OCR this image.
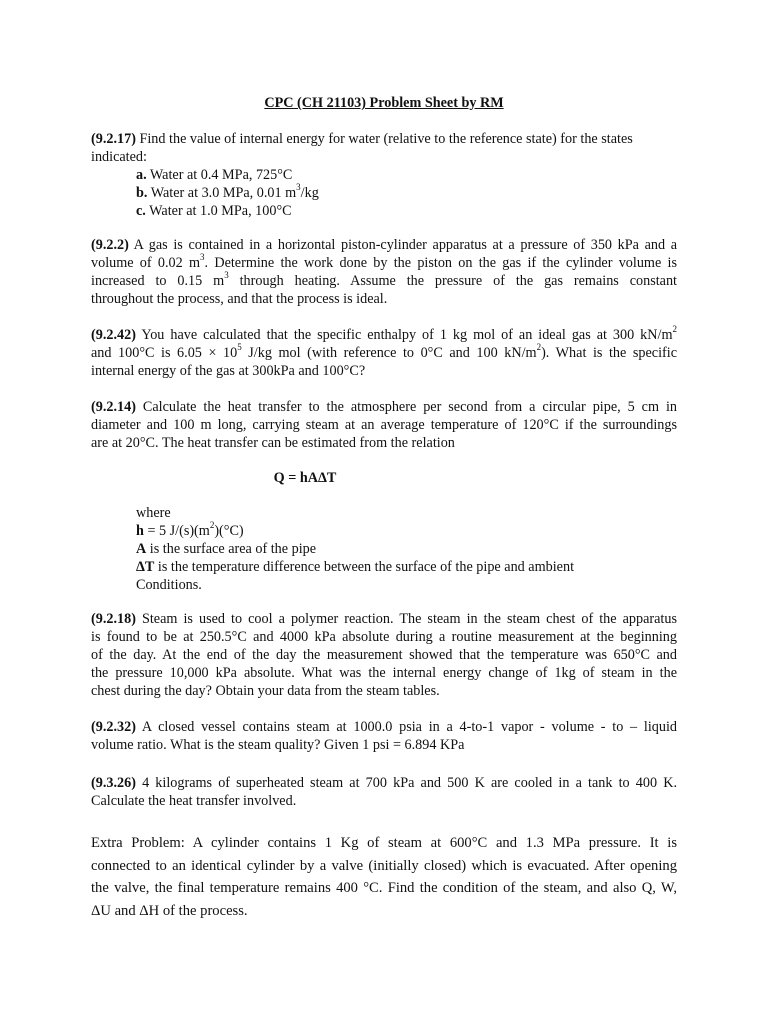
CPC (CH 21103) Problem Sheet by RM
(9.2.17) Find the value of internal energy for water (relative to the reference state) for the states
indicated:
a. Water at 0.4 MPa, 725°C
b. Water at 3.0 MPa, 0.01 $m^3/kg$
c. Water at 1.0 MPa, 100°C
(9.2.2) A gas is contained in a horizontal piston-cylinder apparatus at a pressure of 350 kPa and a
volume of 0.02 $m^3$. Determine the work done by the piston on the gas if the cylinder volume is
increased to 0.15 $m^3$ through heating. Assume the pressure of the gas remains constant
throughout the process, and that the process is ideal.
(9.2.42) You have calculated that the specific enthalpy of 1 kg mol of an ideal gas at 300 $kN/m^2$
and 100°C is $6.05 \times 10^5$ J/kg mol (with reference to 0°C and 100 $kN/m^2$). What is the specific
internal energy of the gas at 300kPa and 100°C?
(9.2.14) Calculate the heat transfer to the atmosphere per second from a circular pipe, 5 cm in
diameter and 100 m long, carrying steam at an average temperature of 120°C if the surroundings
are at 20°C. The heat transfer can be estimated from the relation
Q = hAΔT
where
h = 5 $J/(s)(m^2)(^\circ C)$
A is the surface area of the pipe
ΔT is the temperature difference between the surface of the pipe and ambient
Conditions.
(9.2.18) Steam is used to cool a polymer reaction. The steam in the steam chest of the apparatus
is found to be at 250.5°C and 4000 kPa absolute during a routine measurement at the beginning
of the day. At the end of the day the measurement showed that the temperature was 650°C and
the pressure 10,000 kPa absolute. What was the internal energy change of 1kg of steam in the
chest during the day? Obtain your data from the steam tables.
(9.2.32) A closed vessel contains steam at 1000.0 psia in a 4-to-1 vapor - volume - to – liquid
volume ratio. What is the steam quality? Given 1 psi = 6.894 KPa
(9.3.26) 4 kilograms of superheated steam at 700 kPa and 500 K are cooled in a tank to 400 K.
Calculate the heat transfer involved.
Extra Problem: A cylinder contains 1 Kg of steam at 600°C and 1.3 MPa pressure. It is
connected to an identical cylinder by a valve (initially closed) which is evacuated. After opening
the valve, the final temperature remains 400 °C. Find the condition of the steam, and also Q, W,
ΔU and ΔH of the process.
